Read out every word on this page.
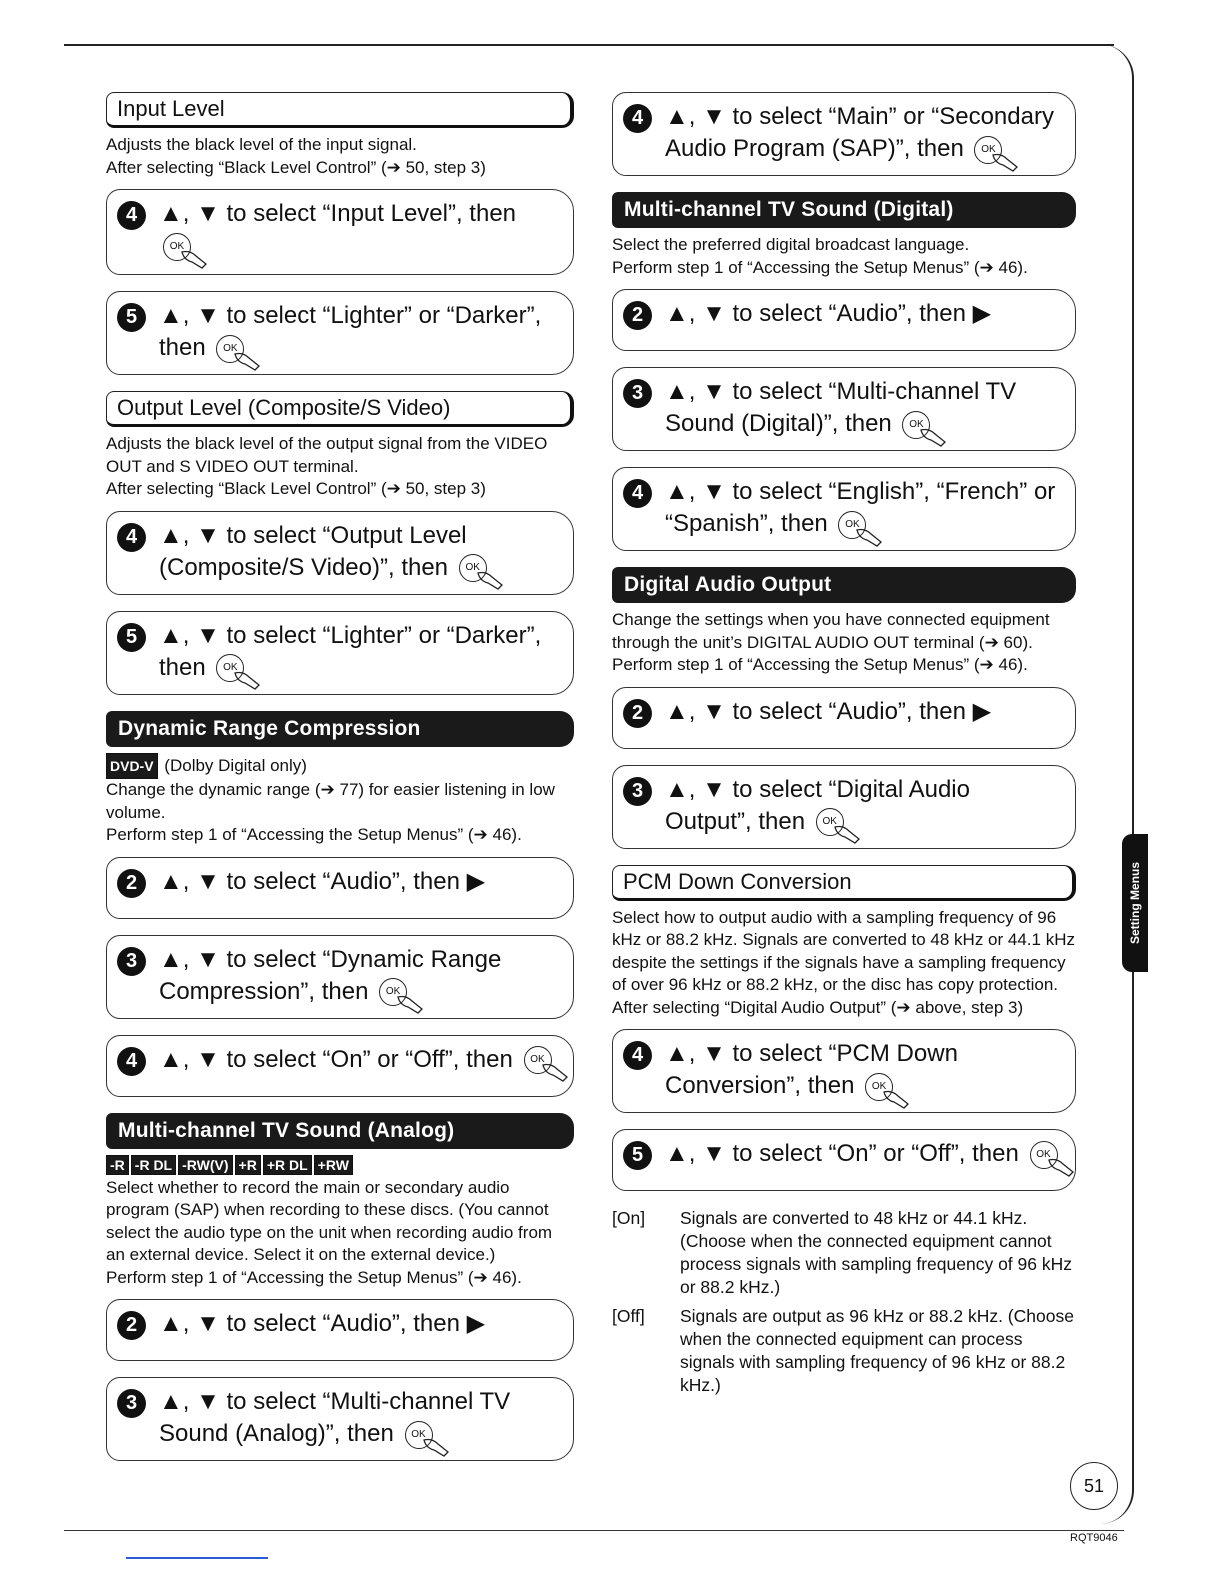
Input Level

Adjusts the black level of the input signal.

After selecting “Black Level Control” (➔ 50, step 3)

4 ▲, ▼ to select “Input Level”, then
OK
5 ▲, ▼ to select “Lighter” or “Darker”, then OK
Output Level (Composite/S Video)

Adjusts the black level of the output signal from the VIDEO OUT and S VIDEO OUT terminal.

After selecting “Black Level Control” (➔ 50, step 3)

4 ▲, ▼ to select “Output Level (Composite/S Video)”, then OK
5 ▲, ▼ to select “Lighter” or “Darker”, then OK
Dynamic Range Compression

DVD-V (Dolby Digital only)

Change the dynamic range (➔ 77) for easier listening in low volume.

Perform step 1 of “Accessing the Setup Menus” (➔ 46).

2 ▲, ▼ to select “Audio”, then ▶
3 ▲, ▼ to select “Dynamic Range Compression”, then OK
4 ▲, ▼ to select “On” or “Off”, then OK
Multi-channel TV Sound (Analog)
-R -R DL -RW(V) +R +R DL +RW

Select whether to record the main or secondary audio program (SAP) when recording to these discs. (You cannot select the audio type on the unit when recording audio from an external device. Select it on the external device.)

Perform step 1 of “Accessing the Setup Menus” (➔ 46).

2 ▲, ▼ to select “Audio”, then ▶
3 ▲, ▼ to select “Multi-channel TV Sound (Analog)”, then OK
4 ▲, ▼ to select “Main” or “Secondary Audio Program (SAP)”, then OK
Multi-channel TV Sound (Digital)

Select the preferred digital broadcast language.

Perform step 1 of “Accessing the Setup Menus” (➔ 46).

2 ▲, ▼ to select “Audio”, then ▶
3 ▲, ▼ to select “Multi-channel TV Sound (Digital)”, then OK
4 ▲, ▼ to select “English”, “French” or “Spanish”, then OK
Digital Audio Output

Change the settings when you have connected equipment through the unit’s DIGITAL AUDIO OUT terminal (➔ 60).

Perform step 1 of “Accessing the Setup Menus” (➔ 46).

2 ▲, ▼ to select “Audio”, then ▶
3 ▲, ▼ to select “Digital Audio Output”, then OK
PCM Down Conversion

Select how to output audio with a sampling frequency of 96 kHz or 88.2 kHz. Signals are converted to 48 kHz or 44.1 kHz despite the settings if the signals have a sampling frequency of over 96 kHz or 88.2 kHz, or the disc has copy protection.

After selecting “Digital Audio Output” (➔ above, step 3)

4 ▲, ▼ to select “PCM Down Conversion”, then OK
5 ▲, ▼ to select “On” or “Off”, then OK
[On]	Signals are converted to 48 kHz or 44.1 kHz. (Choose when the connected equipment cannot process signals with sampling frequency of 96 kHz or 88.2 kHz.)
[Off]	Signals are output as 96 kHz or 88.2 kHz. (Choose when the connected equipment can process signals with sampling frequency of 96 kHz or 88.2 kHz.)
Setting Menus
51
RQT9046
